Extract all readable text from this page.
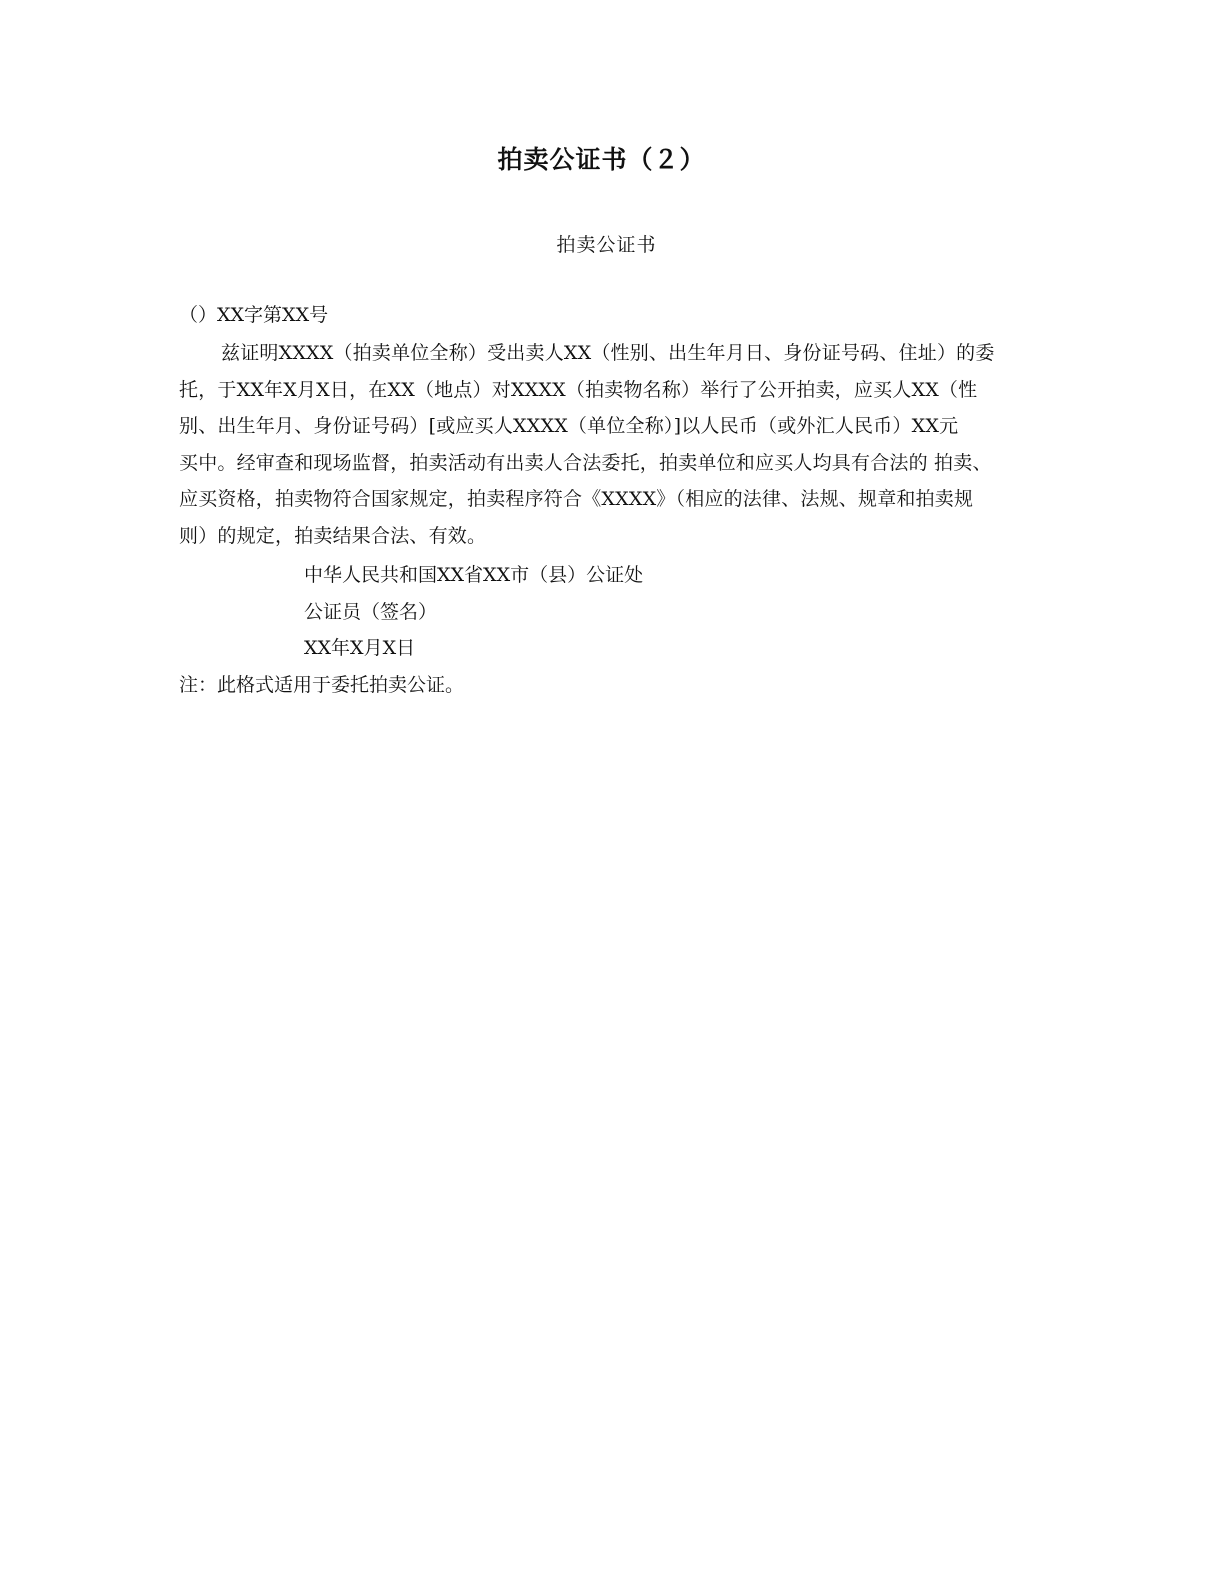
拍卖公证书（２）
拍卖公证书
（）XX字第XX号
兹证明XXXX（拍卖单位全称）受出卖人XX（性别、出生年月日、身份证号码、住址）的委
托，于XX年X月X日，在XX（地点）对XXXX（拍卖物名称）举行了公开拍卖，应买人XX（性
别、出生年月、身份证号码）[或应买人XXXX（单位全称）]以人民币（或外汇人民币）XX元
买中。经审查和现场监督，拍卖活动有出卖人合法委托，拍卖单位和应买人均具有合法的 拍卖、
应买资格，拍卖物符合国家规定，拍卖程序符合《XXXX》（相应的法律、法规、规章和拍卖规
则）的规定，拍卖结果合法、有效。
中华人民共和国XX省XX市（县）公证处
公证员（签名）
XX年X月X日
注：此格式适用于委托拍卖公证。
